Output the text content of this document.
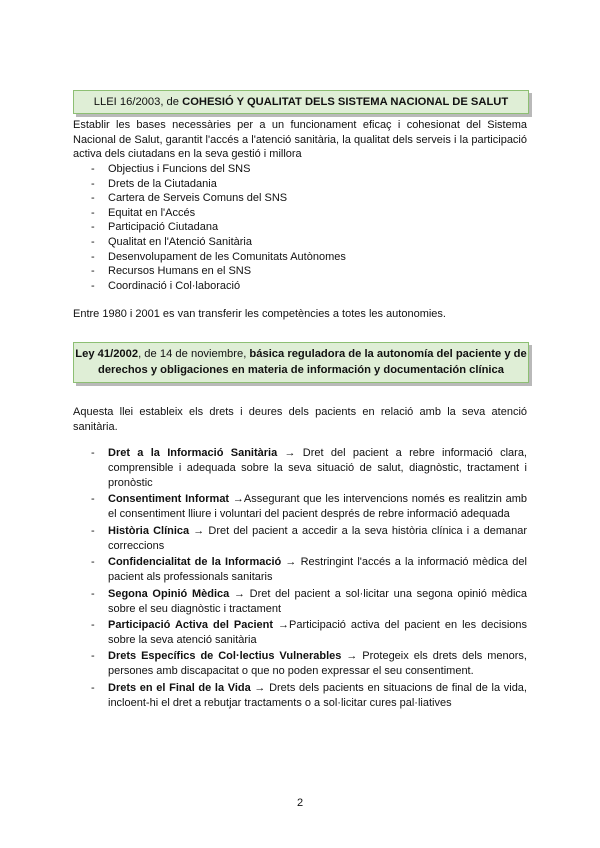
LLEI 16/2003, de COHESIÓ Y QUALITAT DELS SISTEMA NACIONAL DE SALUT
Establir les bases necessàries per a un funcionament eficaç i cohesionat del Sistema Nacional de Salut, garantit l'accés a l'atenció sanitària, la qualitat dels serveis i la participació activa dels ciutadans en la seva gestió i millora
- Objectius i Funcions del SNS
- Drets de la Ciutadania
- Cartera de Serveis Comuns del SNS
- Equitat en l'Accés
- Participació Ciutadana
- Qualitat en l'Atenció Sanitària
- Desenvolupament de les Comunitats Autònomes
- Recursos Humans en el SNS
- Coordinació i Col·laboració
Entre 1980 i 2001 es van transferir les competències a totes les autonomies.
Ley 41/2002, de 14 de noviembre, básica reguladora de la autonomía del paciente y de derechos y obligaciones en materia de información y documentación clínica
Aquesta llei estableix els drets i deures dels pacients en relació amb la seva atenció sanitària.
- Dret a la Informació Sanitària → Dret del pacient a rebre informació clara, comprensible i adequada sobre la seva situació de salut, diagnòstic, tractament i pronòstic
- Consentiment Informat →Assegurant que les intervencions només es realitzin amb el consentiment lliure i voluntari del pacient després de rebre informació adequada
- Història Clínica → Dret del pacient a accedir a la seva història clínica i a demanar correccions
- Confidencialitat de la Informació → Restringint l'accés a la informació mèdica del pacient als professionals sanitaris
- Segona Opinió Mèdica → Dret del pacient a sol·licitar una segona opinió mèdica sobre el seu diagnòstic i tractament
- Participació Activa del Pacient →Participació activa del pacient en les decisions sobre la seva atenció sanitària
- Drets Específics de Col·lectius Vulnerables → Protegeix els drets dels menors, persones amb discapacitat o que no poden expressar el seu consentiment.
- Drets en el Final de la Vida → Drets dels pacients en situacions de final de la vida, incloent-hi el dret a rebutjar tractaments o a sol·licitar cures pal·liatives
2
